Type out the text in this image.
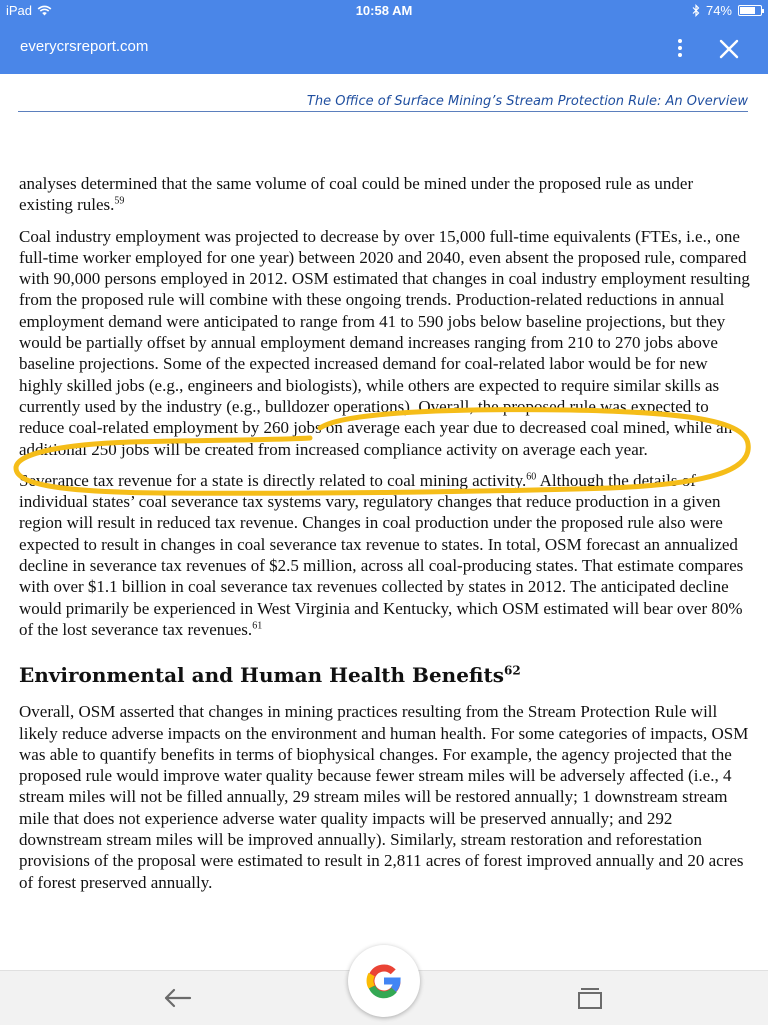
iPad	10:58 AM	74%
everycrsreport.com
The Office of Surface Mining’s Stream Protection Rule: An Overview

analyses determined that the same volume of coal could be mined under the proposed rule as under existing rules.$^{59}$

Coal industry employment was projected to decrease by over 15,000 full-time equivalents (FTEs, i.e., one full-time worker employed for one year) between 2020 and 2040, even absent the proposed rule, compared with 90,000 persons employed in 2012. OSM estimated that changes in coal industry employment resulting from the proposed rule will combine with these ongoing trends. Production-related reductions in annual employment demand were anticipated to range from 41 to 590 jobs below baseline projections, but they would be partially offset by annual employment demand increases ranging from 210 to 270 jobs above baseline projections. Some of the expected increased demand for coal-related labor would be for new highly skilled jobs (e.g., engineers and biologists), while others are expected to require similar skills as currently used by the industry (e.g., bulldozer operations). Overall, the proposed rule was expected to reduce coal-related employment by 260 jobs on average each year due to decreased coal mined, while an additional 250 jobs will be created from increased compliance activity on average each year.

Severance tax revenue for a state is directly related to coal mining activity.$^{60}$ Although the details of individual states’ coal severance tax systems vary, regulatory changes that reduce production in a given region will result in reduced tax revenue. Changes in coal production under the proposed rule also were expected to result in changes in coal severance tax revenue to states. In total, OSM forecast an annualized decline in severance tax revenues of $2.5 million, across all coal-producing states. That estimate compares with over $1.1 billion in coal severance tax revenues collected by states in 2012. The anticipated decline would primarily be experienced in West Virginia and Kentucky, which OSM estimated will bear over 80% of the lost severance tax revenues.$^{61}$

Environmental and Human Health Benefits$^{62}$

Overall, OSM asserted that changes in mining practices resulting from the Stream Protection Rule will likely reduce adverse impacts on the environment and human health. For some categories of impacts, OSM was able to quantify benefits in terms of biophysical changes. For example, the agency projected that the proposed rule would improve water quality because fewer stream miles will be adversely affected (i.e., 4 stream miles will not be filled annually, 29 stream miles will be restored annually; 1 downstream stream mile that does not experience adverse water quality impacts will be preserved annually; and 292 downstream stream miles will be improved annually). Similarly, stream restoration and reforestation provisions of the proposal were estimated to result in 2,811 acres of forest improved annually and 20 acres of forest preserved annually.
